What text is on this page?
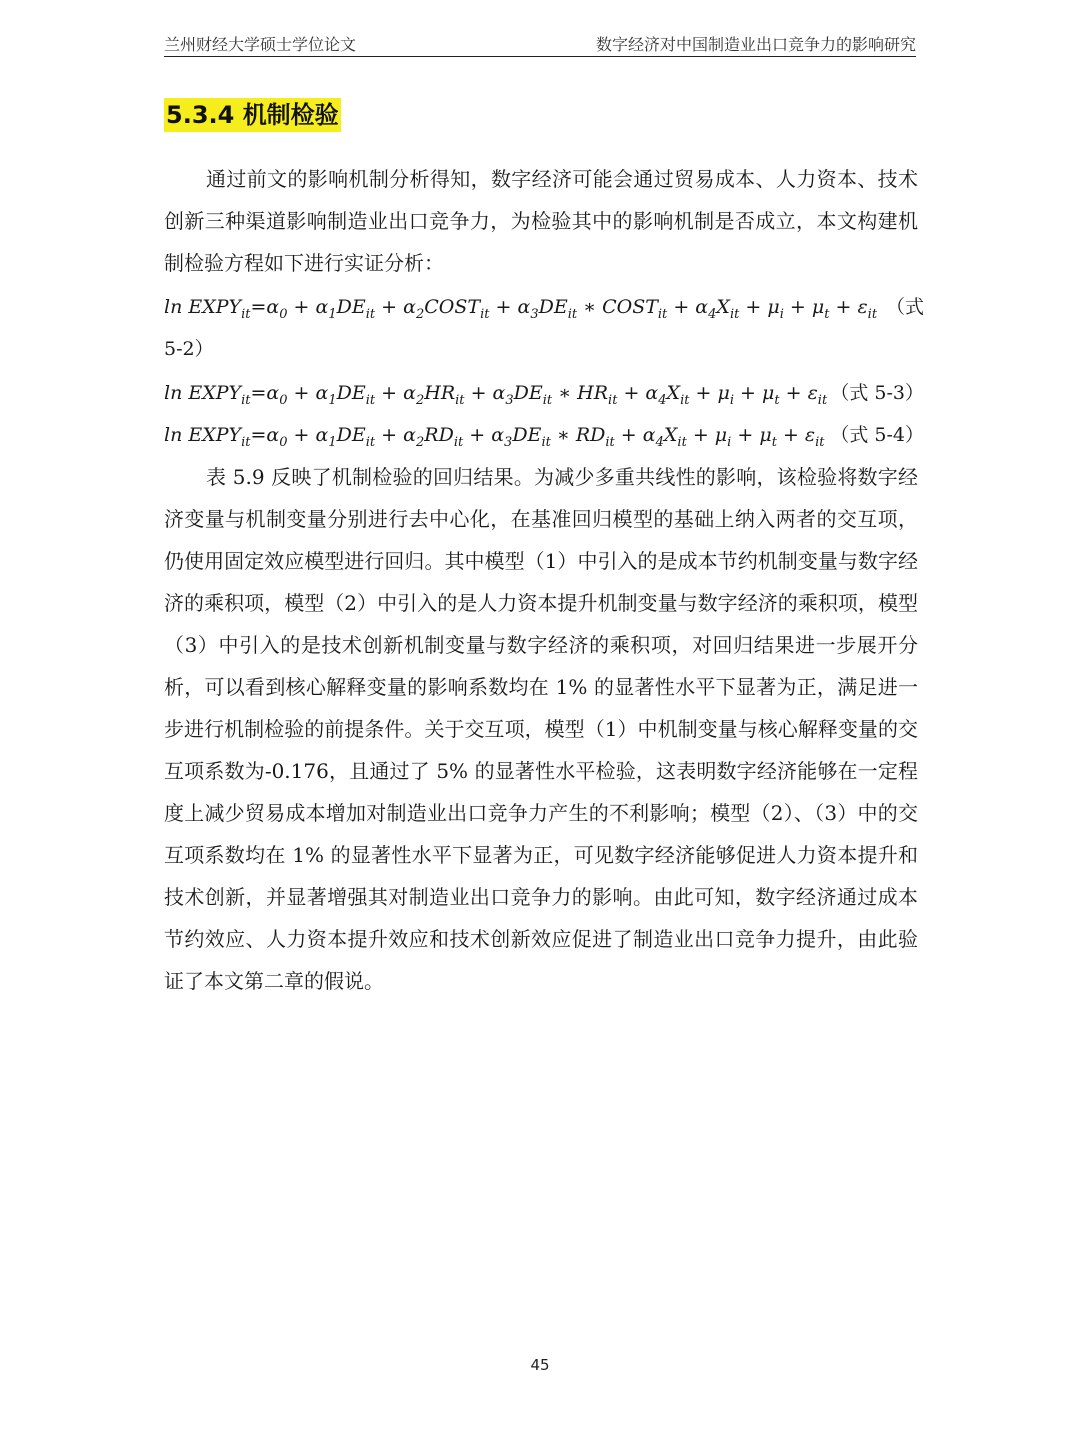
兰州财经大学硕士学位论文	数字经济对中国制造业出口竞争力的影响研究
5.3.4 机制检验

通过前文的影响机制分析得知，数字经济可能会通过贸易成本、人力资本、技术创新三种渠道影响制造业出口竞争力，为检验其中的影响机制是否成立，本文构建机制检验方程如下进行实证分析：

$\ln EXPY_{it}=\alpha_0 + \alpha_1DE_{it}$ + $\alpha_2COST_{it} + \alpha_3DE_{it}$ ∗ $COST_{it} + \alpha_4X_{it} + \mu_i + \mu_t + \varepsilon_{it}$ （式
5-2）
$\ln EXPY_{it}=\alpha_0 + \alpha_1DE_{it} + \alpha_2HR_{it} + \alpha_3DE_{it}$ ∗ $HR_{it} + \alpha_4X_{it} + \mu_i + \mu_t + \varepsilon_{it}$ （式 5-3）
$\ln EXPY_{it}=\alpha_0 + \alpha_1DE_{it} + \alpha_2RD_{it} + \alpha_3DE_{it}$ ∗ $RD_{it} + \alpha_4X_{it} + \mu_i + \mu_t + \varepsilon_{it}$ （式 5-4）

表 5.9 反映了机制检验的回归结果。为减少多重共线性的影响，该检验将数字经济变量与机制变量分别进行去中心化，在基准回归模型的基础上纳入两者的交互项，仍使用固定效应模型进行回归。其中模型（1）中引入的是成本节约机制变量与数字经济的乘积项，模型（2）中引入的是人力资本提升机制变量与数字经济的乘积项，模型（3）中引入的是技术创新机制变量与数字经济的乘积项，对回归结果进一步展开分析，可以看到核心解释变量的影响系数均在 1% 的显著性水平下显著为正，满足进一步进行机制检验的前提条件。关于交互项，模型（1）中机制变量与核心解释变量的交互项系数为-0.176，且通过了 5% 的显著性水平检验，这表明数字经济能够在一定程度上减少贸易成本增加对制造业出口竞争力产生的不利影响；模型（2）、（3）中的交互项系数均在 1% 的显著性水平下显著为正，可见数字经济能够促进人力资本提升和技术创新，并显著增强其对制造业出口竞争力的影响。由此可知，数字经济通过成本节约效应、人力资本提升效应和技术创新效应促进了制造业出口竞争力提升，由此验证了本文第二章的假说。

45
